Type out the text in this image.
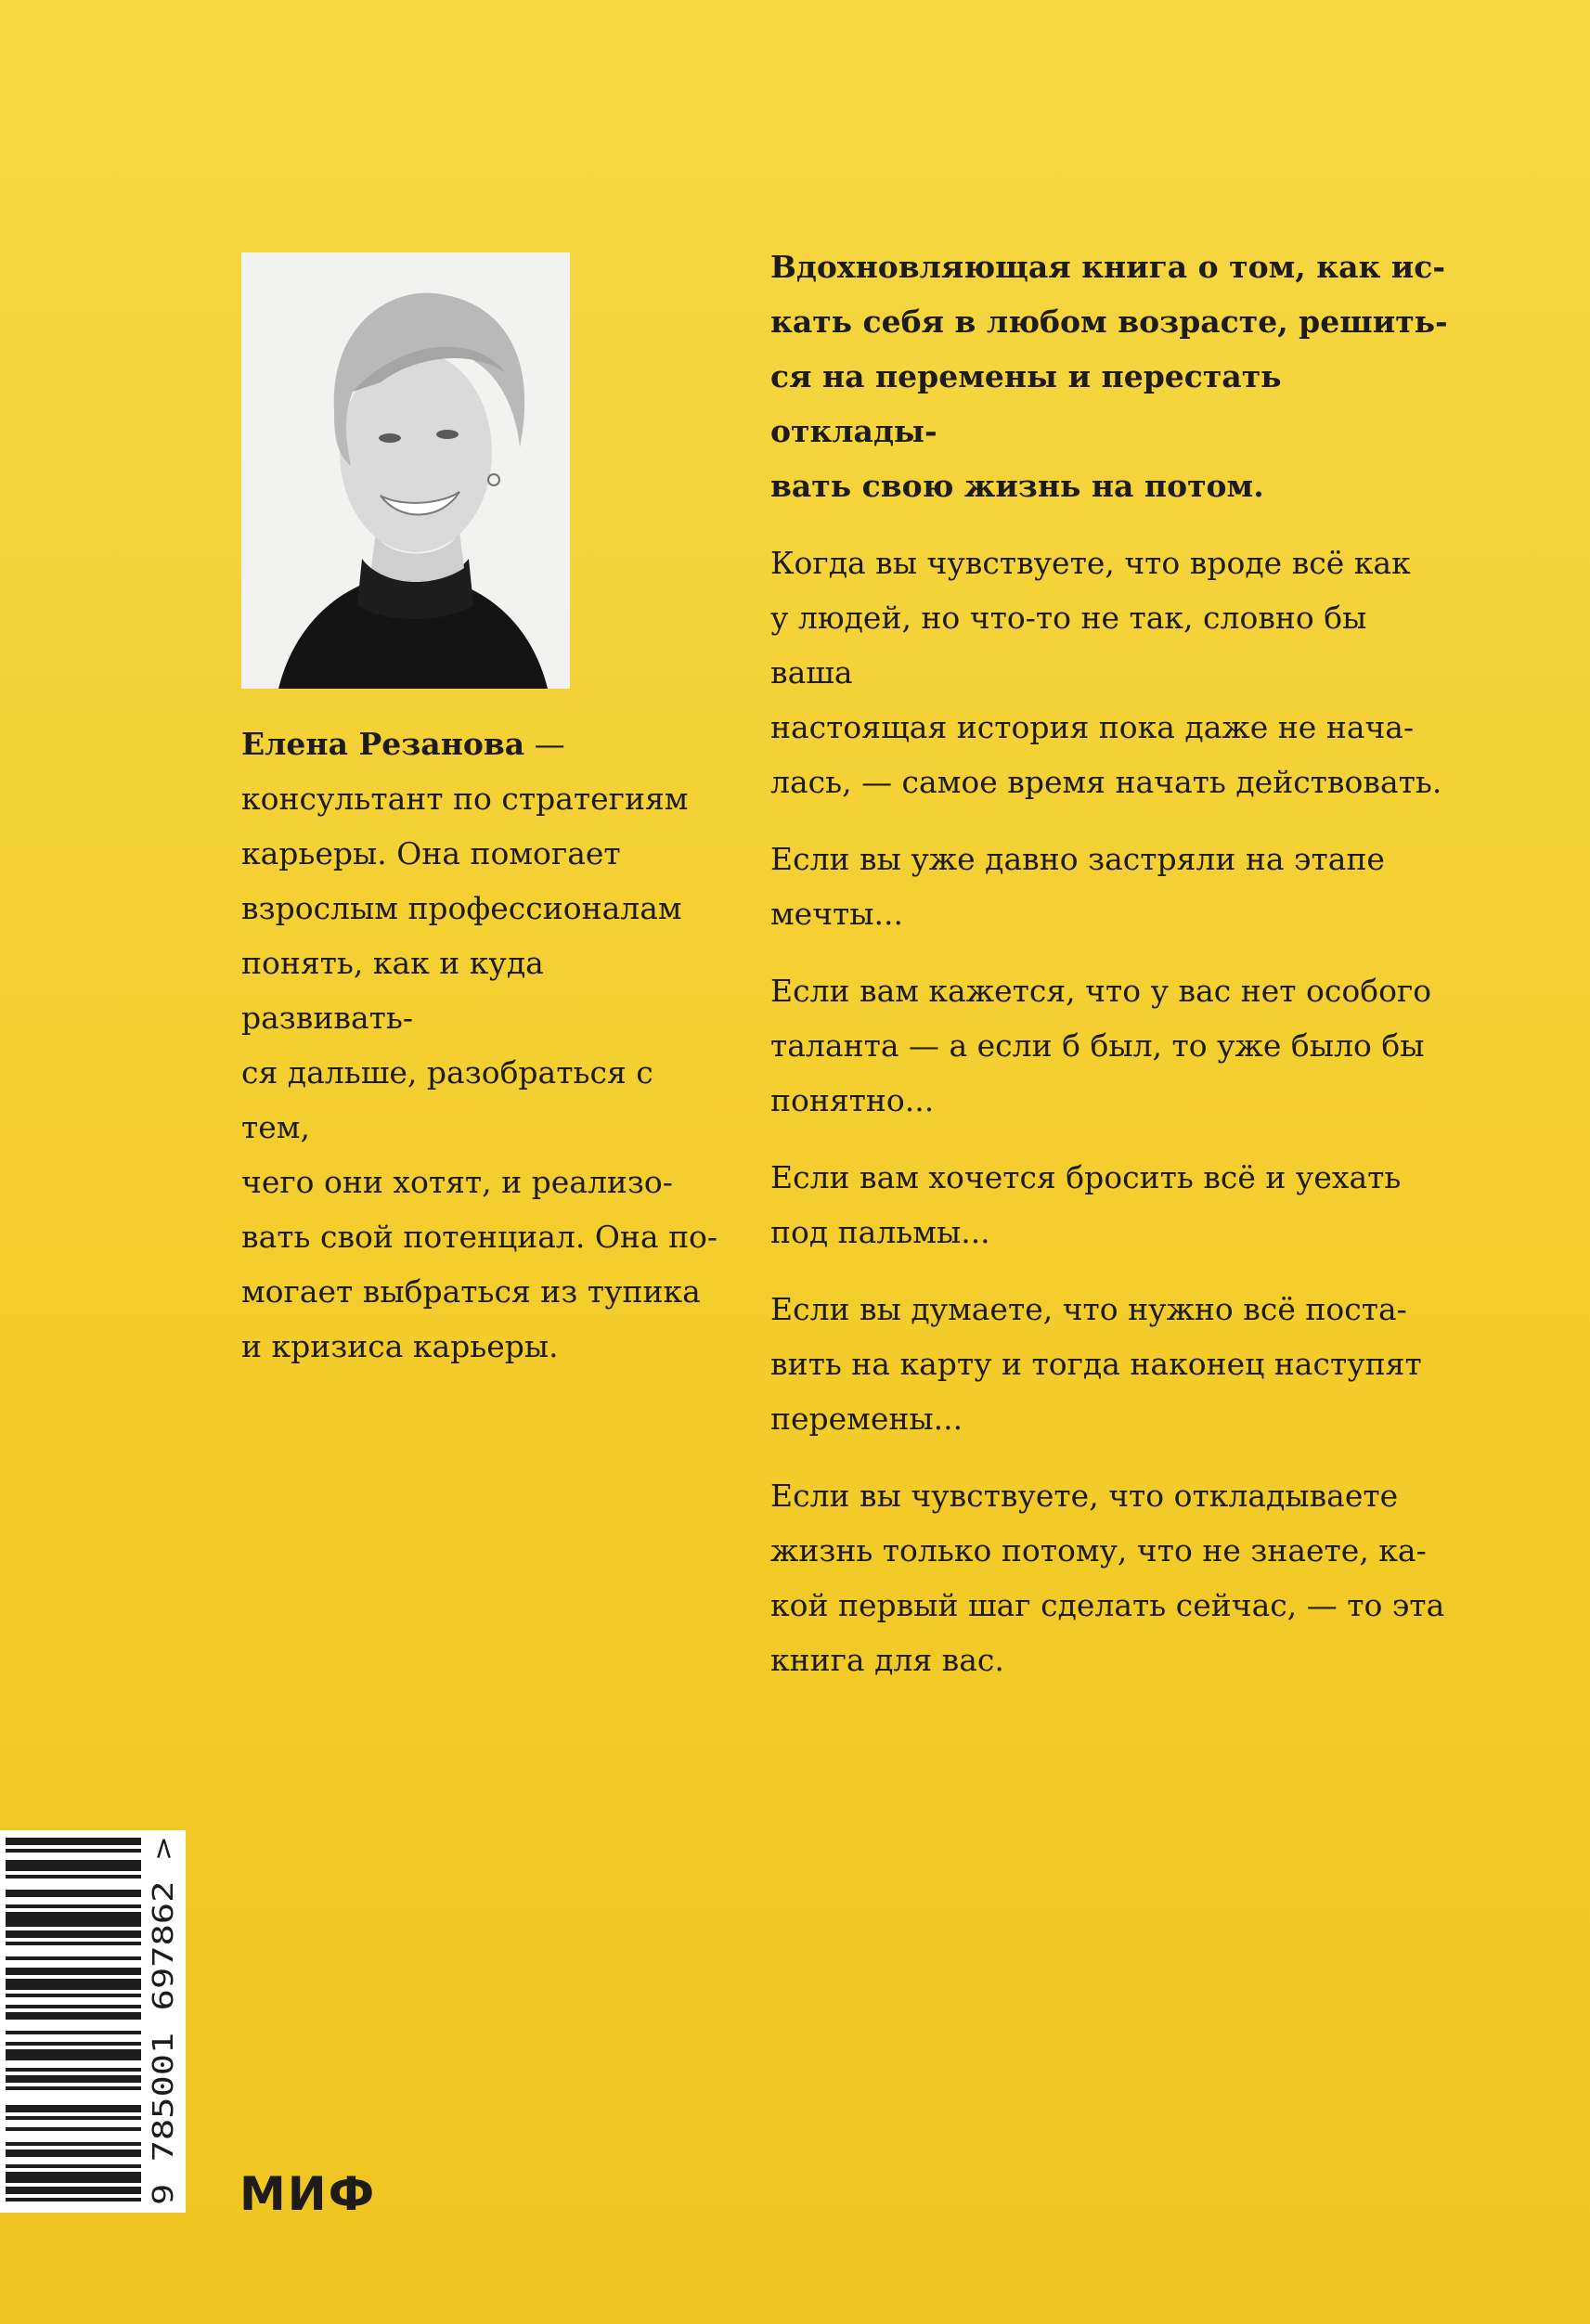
Елена Резанова —
консультант по стратегиям
карьеры. Она помогает
взрослым профессионалам
понять, как и куда развивать-
ся дальше, разобраться с тем,
чего они хотят, и реализо-
вать свой потенциал. Она по-
могает выбраться из тупика
и кризиса карьеры.

Вдохновляющая книга о том, как ис-
кать себя в любом возрасте, решить-
ся на перемены и перестать отклады-
вать свою жизнь на потом.

Когда вы чувствуете, что вроде всё как
у людей, но что-то не так, словно бы ваша
настоящая история пока даже не нача-
лась, — самое время начать действовать.

Если вы уже давно застряли на этапе
мечты...

Если вам кажется, что у вас нет особого
таланта — а если б был, то уже было бы
понятно...

Если вам хочется бросить всё и уехать
под пальмы...

Если вы думаете, что нужно всё поста-
вить на карту и тогда наконец наступят
перемены...

Если вы чувствуете, что откладываете
жизнь только потому, что не знаете, ка-
кой первый шаг сделать сейчас, — то эта
книга для вас.

9 785001 697862 > МИФ
